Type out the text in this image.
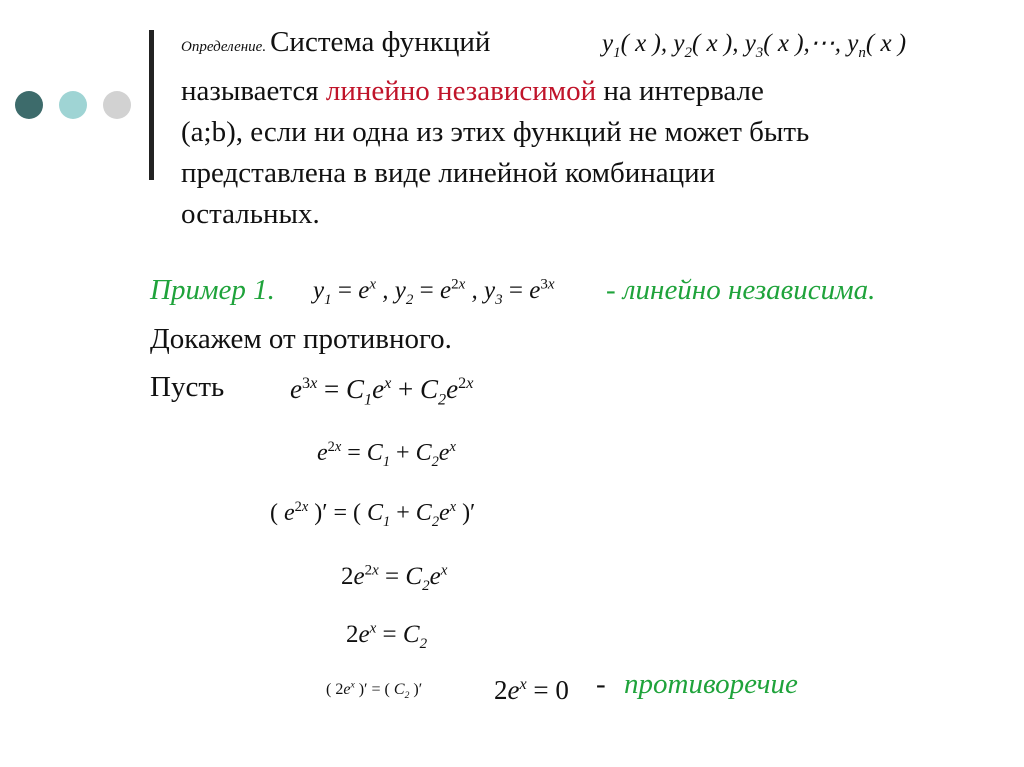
Определение. Система функций	$y_1$( x ), $y_2$( x ), $y_3$( x ),⋯, $y_n$( x )
называется линейно независимой на интервале
(a;b), если ни одна из этих функций не может быть
представлена в виде линейной комбинации
остальных.
Пример 1. $y_1 = e^x$ , $y_2 = e^{2x}$ , $y_3 = e^{3x}$ - линейно независима.
Докажем от противного.
Пусть $e^{3x} = C_1e^x + C_2e^{2x}$
$e^{2x} = C_1 + C_2e^x$
( $e^{2x}$ )′ = ( $C_1 + C_2e^x$ )′
$2e^{2x} = C_2e^x$
$2e^x = C_2$
( $2e^x$ )′ = ( $C_2$ )′	$2e^x = 0$ - противоречие
